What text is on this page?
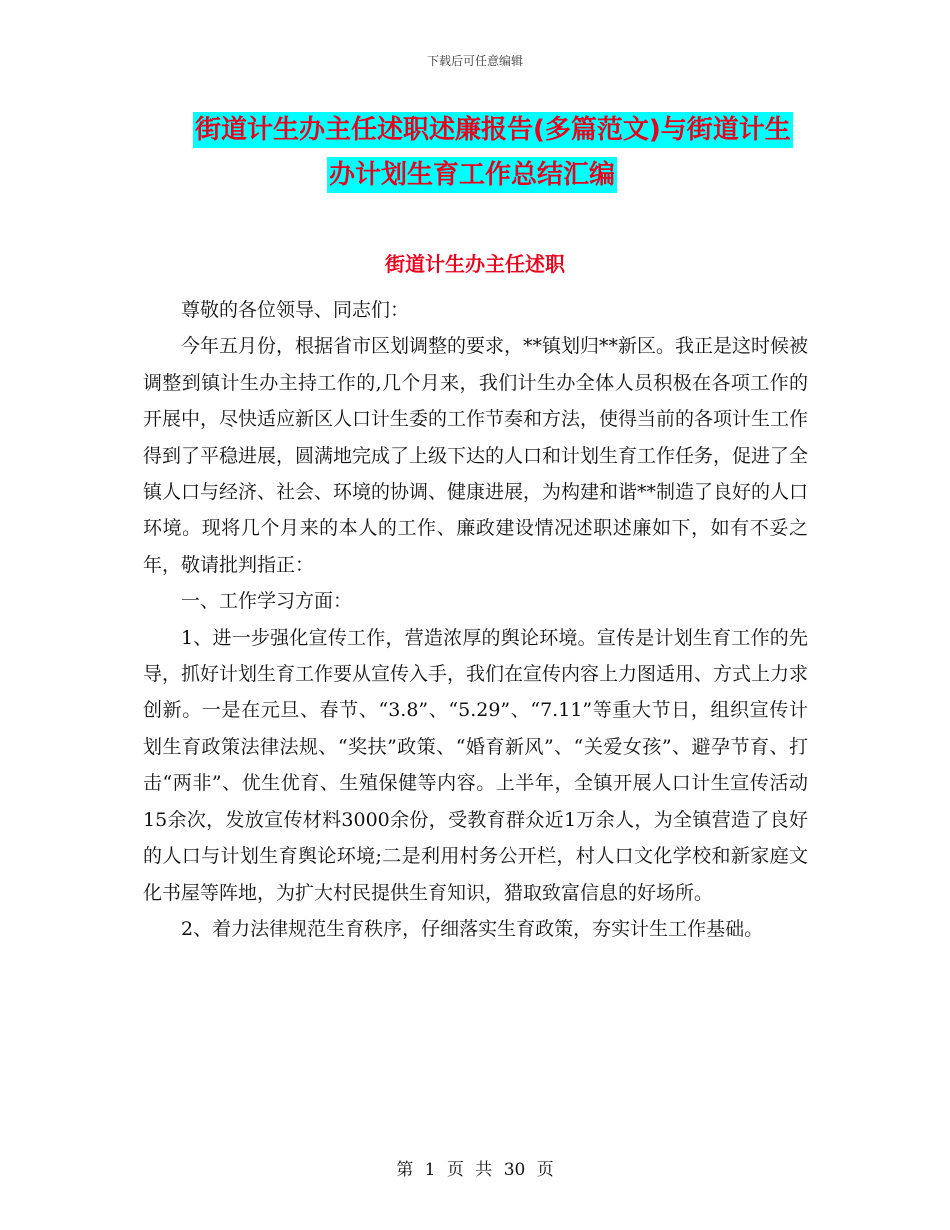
下载后可任意编辑
街道计生办主任述职述廉报告(多篇范文)与街道计生
办计划生育工作总结汇编
街道计生办主任述职

尊敬的各位领导、同志们：

今年五月份，根据省市区划调整的要求，**镇划归**新区。我正是这时候被调整到镇计生办主持工作的,几个月来，我们计生办全体人员积极在各项工作的开展中，尽快适应新区人口计生委的工作节奏和方法，使得当前的各项计生工作得到了平稳进展，圆满地完成了上级下达的人口和计划生育工作任务，促进了全镇人口与经济、社会、环境的协调、健康进展，为构建和谐**制造了良好的人口环境。现将几个月来的本人的工作、廉政建设情况述职述廉如下，如有不妥之年，敬请批判指正：

一、工作学习方面：

1、进一步强化宣传工作，营造浓厚的舆论环境。宣传是计划生育工作的先导，抓好计划生育工作要从宣传入手，我们在宣传内容上力图适用、方式上力求创新。一是在元旦、春节、“3.8”、“5.29”、“7.11”等重大节日，组织宣传计划生育政策法律法规、“奖扶”政策、“婚育新风”、“关爱女孩”、避孕节育、打击“两非”、优生优育、生殖保健等内容。上半年，全镇开展人口计生宣传活动15余次，发放宣传材料3000余份，受教育群众近1万余人，为全镇营造了良好的人口与计划生育舆论环境;二是利用村务公开栏，村人口文化学校和新家庭文化书屋等阵地，为扩大村民提供生育知识，猎取致富信息的好场所。

2、着力法律规范生育秩序，仔细落实生育政策，夯实计生工作基础。

第 1 页 共 30 页
